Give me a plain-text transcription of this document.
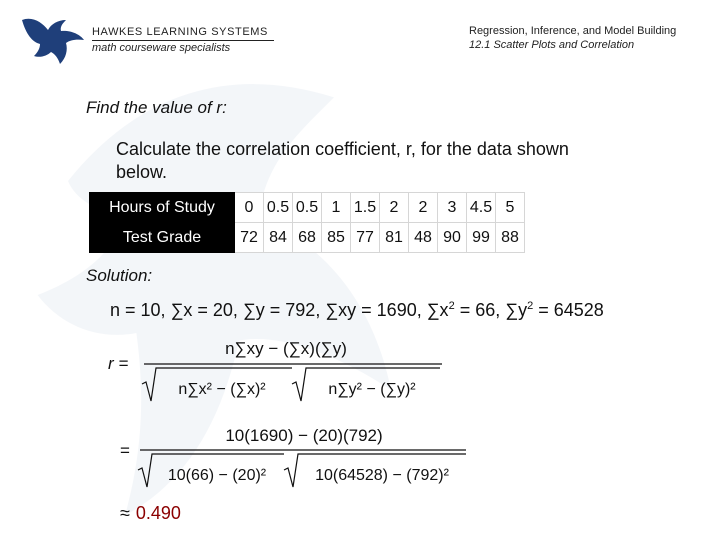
HAWKES LEARNING SYSTEMS
math courseware specialists
Regression, Inference, and Model Building
12.1 Scatter Plots and Correlation
Find the value of r:
Calculate the correlation coefficient, r, for the data shown below.
Hours of Study	0	0.5	0.5	1	1.5	2	2	3	4.5	5
Test Grade	72	84	68	85	77	81	48	90	99	88
Solution:
n = 10, ∑x = 20, ∑y = 792, ∑xy = 1690, $\sum x^2 = 66$, $\sum y^2 = 64528$
r =
n∑xy − (∑x)(∑y)
n∑x² − (∑x)²	n∑y² − (∑y)²
=
10(1690) − (20)(792)
10(66) − (20)²	10(64528) − (792)²
≈ 0.490
